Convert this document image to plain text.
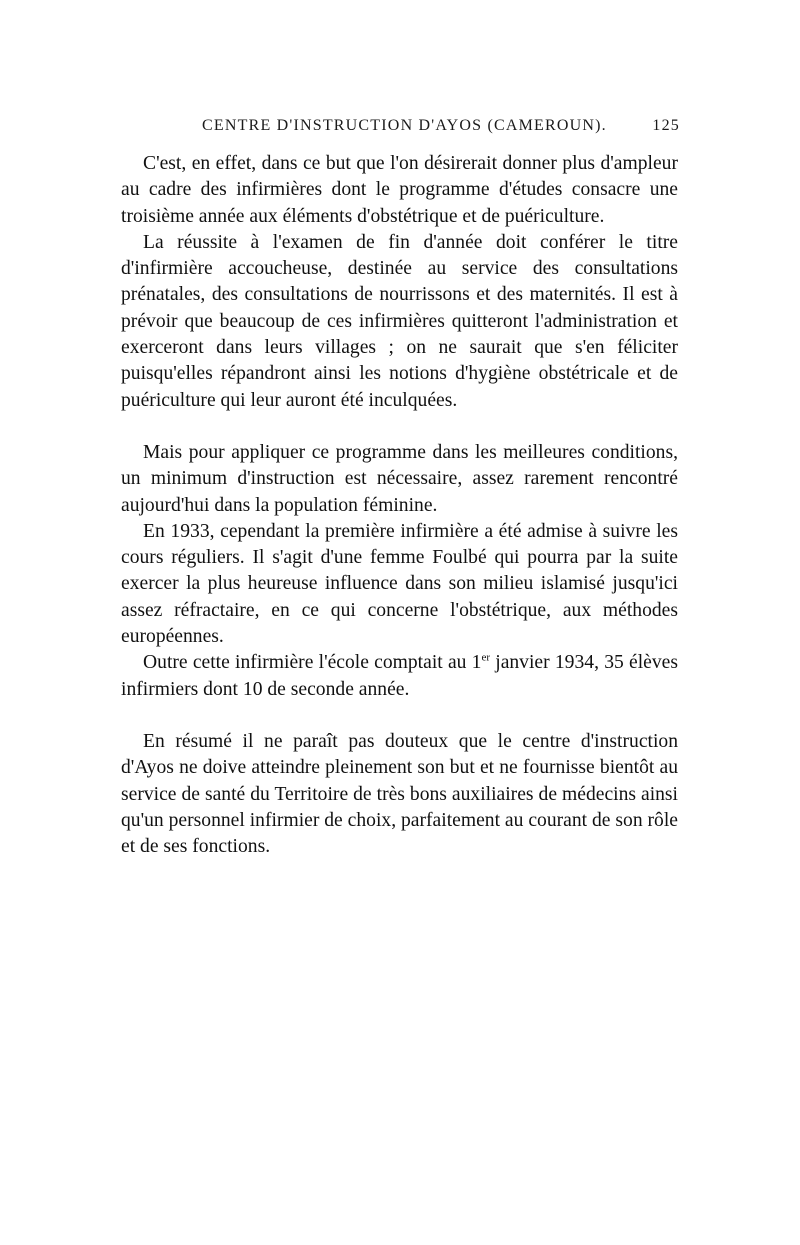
CENTRE D'INSTRUCTION D'AYOS (CAMEROUN).	125

C'est, en effet, dans ce but que l'on désirerait donner plus d'ampleur au cadre des infirmières dont le programme d'études consacre une troisième année aux éléments d'obstétrique et de puériculture.

La réussite à l'examen de fin d'année doit conférer le titre d'infirmière accoucheuse, destinée au service des consultations prénatales, des consultations de nourrissons et des maternités. Il est à prévoir que beaucoup de ces infirmières quitteront l'administration et exerceront dans leurs villages ; on ne saurait que s'en féliciter puisqu'elles répandront ainsi les notions d'hygiène obstétricale et de puériculture qui leur auront été inculquées.

Mais pour appliquer ce programme dans les meilleures conditions, un minimum d'instruction est nécessaire, assez rarement rencontré aujourd'hui dans la population féminine.

En 1933, cependant la première infirmière a été admise à suivre les cours réguliers. Il s'agit d'une femme Foulbé qui pourra par la suite exercer la plus heureuse influence dans son milieu islamisé jusqu'ici assez réfractaire, en ce qui concerne l'obstétrique, aux méthodes européennes.

Outre cette infirmière l'école comptait au 1er janvier 1934, 35 élèves infirmiers dont 10 de seconde année.

En résumé il ne paraît pas douteux que le centre d'instruction d'Ayos ne doive atteindre pleinement son but et ne fournisse bientôt au service de santé du Territoire de très bons auxiliaires de médecins ainsi qu'un personnel infirmier de choix, parfaitement au courant de son rôle et de ses fonctions.
